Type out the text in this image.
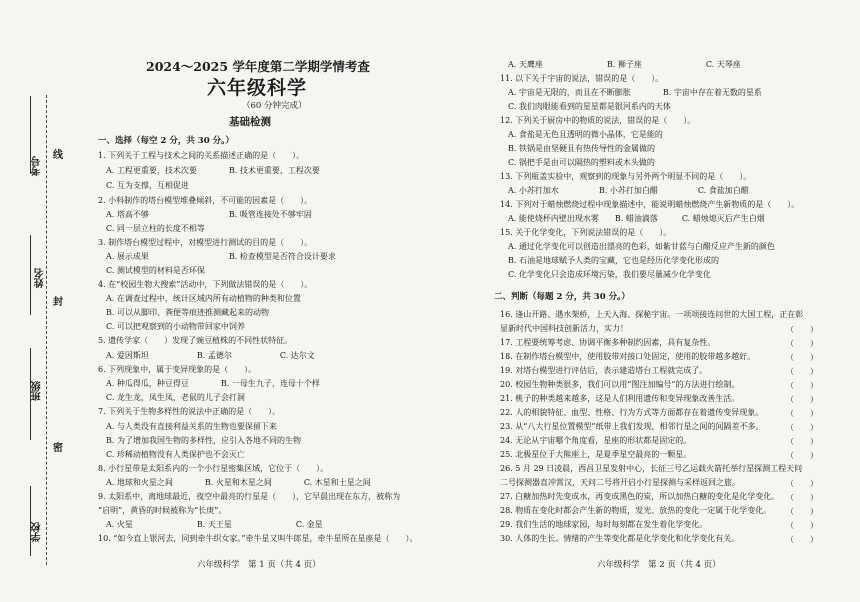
考号
姓名
班级
学校
线
封
密
2024～2025 学年度第二学期学情考查
六年级科学
（60 分钟完成）
基础检测
一、选择（每空 2 分，共 30 分。）
1. 下列关于工程与技术之间的关系描述正确的是（　　）。
A. 工程更重要，技术次要　　　　B. 技术更重要，工程次要
C. 互为支撑，互相促进
2. 小科制作的塔台模型堆叠倾斜，不可能的因素是（　　）。
A. 塔高不够　　　　　　　　　　B. 吸管连接处不够牢固
C. 同一层立柱的长度不相等
3. 制作塔台模型过程中，对模型进行测试的目的是（　　）。
A. 展示成果　　　　　　　　　　B. 检查模型是否符合设计要求
C. 测试模型的材料是否环保
4. 在“校园生物大搜索”活动中，下列做法错误的是（　　）。
A. 在调查过程中，统计区域内所有动植物的种类和位置
B. 可以从脚印、粪便等痕迹推测藏起来的动物
C. 可以把观察到的小动物带回家中饲养
5. 遗传学家（　　）发现了豌豆植株的不同性状特征。
A. 爱因斯坦　　　　　　B. 孟德尔　　　　　　C. 达尔文
6. 下列现象中，属于变异现象的是（　　）。
A. 种瓜得瓜，种豆得豆　　　　B. 一母生九子，连母十个样
C. 龙生龙，凤生凤，老鼠的儿子会打洞
7. 下列关于生物多样性的说法中正确的是（　　）。
A. 与人类没有直接利益关系的生物也要保留下来
B. 为了增加我国生物的多样性，应引入各地不同的生物
C. 珍稀动植物没有人类保护也不会灭亡
8. 小行星带是太阳系内的一个小行星密集区域，它位于（　　）。
A. 地球和火星之间　　　　B. 火星和木星之间　　　　C. 木星和土星之间
9. 太阳系中，离地球最近，夜空中最亮的行星是（　　），它早晨出现在东方，被称为
“启明”，黄昏的时候被称为“长庚”。
A. 火星　　　　　　　　B. 天王星　　　　　　　　C. 金星
10. “如今直上银河去，同到牵牛织女家。”牵牛星又叫牛郎星，牵牛星所在星座是（　　）。
六年级科学　第 1 页（共 4 页）
A. 天鹰座　　　　　　　　B. 狮子座　　　　　　　　C. 天琴座
11. 以下关于宇宙的说法，错误的是（　　）。
A. 宇宙是无限的，而且在不断膨胀　　　　B. 宇宙中存在着无数的星系
C. 我们肉眼能看到的星星都是银河系内的天体
12. 下列关于厨房中的物质的说法，错误的是（　　）。
A. 食盐是无色且透明的微小晶体，它是能的
B. 铁锅是由坚硬且有热传导性的金属做的
C. 锅把手是由可以隔热的塑料或木头做的
13. 下列瓶盖实验中，观察到的现象与另外两个明显不同的是（　　）。
A. 小苏打加水　　　　　B. 小苏打加白醋　　　　　C. 食盐加白醋
14. 下列对于蜡烛燃烧过程中现象描述中，能说明蜡烛燃烧产生新物质的是（　　）。
A. 能使烧杯内壁出现水雾　　B. 蜡油滴落　　　C. 蜡烛熄灭后产生白烟
15. 关于化学变化，下列说法错误的是（　　）。
A. 通过化学变化可以创造出漂亮的色彩，如紫甘蓝与白醋反应产生新的颜色
B. 石油是地球赋予人类的宝藏，它也是经历化学变化形成的
C. 化学变化只会造成环境污染，我们要尽量减少化学变化
二、判断（每题 2 分，共 30 分。）
16. 逢山开路、遇水架桥，上天入海、探秘宇宙。一项项接连问世的大国工程，正在彰
显新时代中国科技创新活力，实力！
17. 工程要统筹考虑、协调平衡多种制约因素，具有复杂性。
18. 在制作塔台模型中，使用胶带对接口处固定，使用的胶带越多越好。
19. 对塔台模型进行评估后，表示建造塔台工程就完成了。
20. 校园生物种类很多，我们可以用“图注加编号”的方法进行绘制。
21. 桃子的种类越来越多，这是人们利用遗传和变异现象改善生活。
22. 人的相貌特征、血型、性格、行为方式等方面都存在着遗传变异现象。
23. 从“八大行星位置模型”纸带上我们发现，相邻行星之间的间隔差不多。
24. 无论从宇宙哪个角度看，星座的形状都是固定的。
25. 北极星位于大熊座上，是夏季星空最亮的一颗星。
26. 5 月 29 日凌晨，西昌卫星发射中心，长征三号乙运载火箭托举行星探测工程天问
二号探测器直冲霄汉，天问二号将开启小行星探测与采样返回之旅。
27. 白糖加热时先变成水，再变成黑色的炭，所以加热白糖的变化是化学变化。
28. 物质在变化时都会产生新的物质，发光、放热的变化一定属于化学变化。
29. 我们生活的地球家园，每时每刻都在发生着化学变化。
30. 人体的生长、情绪的产生等变化都是化学变化和化学变化有关。
（　　）
（　　）
（　　）
（　　）
（　　）
（　　）
（　　）
（　　）
（　　）
（　　）
（　　）
（　　）
（　　）
（　　）
（　　）
六年级科学　第 2 页（共 4 页）
